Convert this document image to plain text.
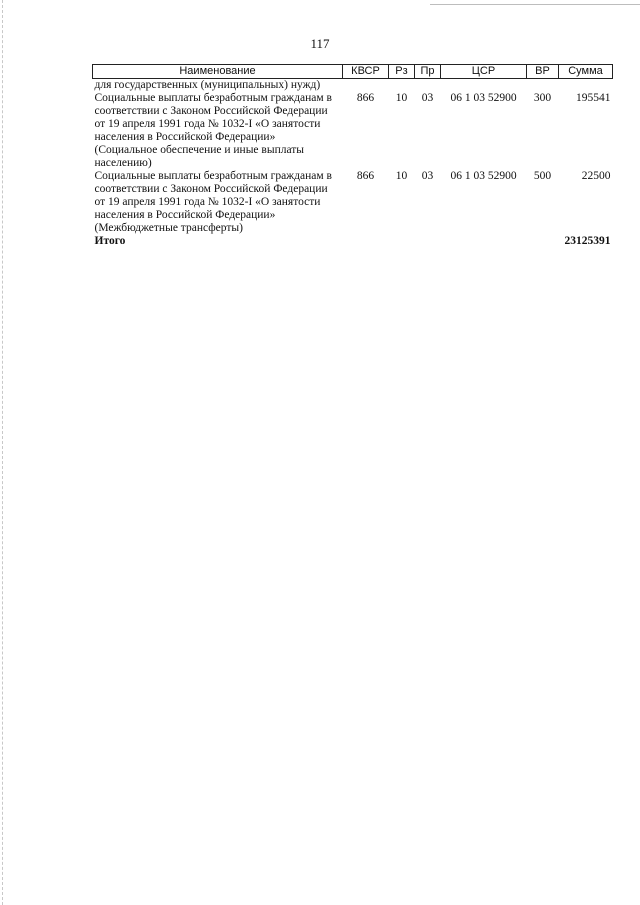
117
Наименование	КВСР	Рз	Пр	ЦСР	ВР	Сумма
для государственных (муниципальных) нужд)						
Социальные выплаты безработным гражданам в соответствии с Законом Российской Федерации от 19 апреля 1991 года № 1032-I «О занятости населения в Российской Федерации» (Социальное обеспечение и иные выплаты населению)	866	10	03	06 1 03 52900	300	195541
Социальные выплаты безработным гражданам в соответствии с Законом Российской Федерации от 19 апреля 1991 года № 1032-I «О занятости населения в Российской Федерации» (Межбюджетные трансферты)	866	10	03	06 1 03 52900	500	22500
Итого						23125391
